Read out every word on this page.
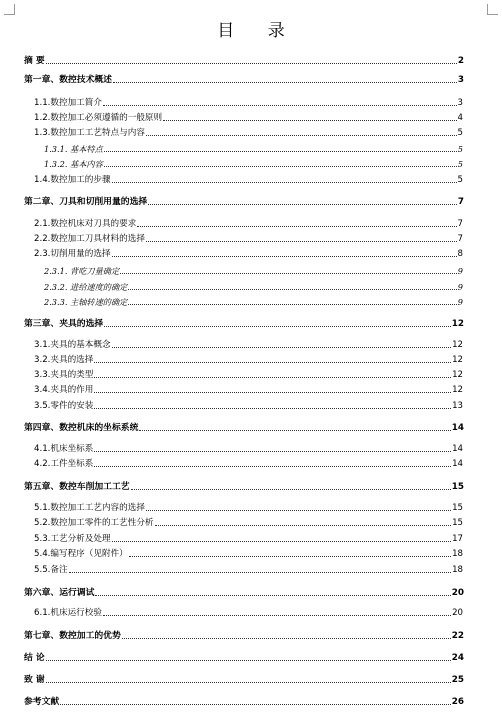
目 录
摘 要	2
第一章、数控技术概述	3
1.1.数控加工简介	3
1.2.数控加工必须遵循的一般原则	4
1.3.数控加工工艺特点与内容	5
1.3.1. 基本特点	5
1.3.2. 基本内容	5
1.4.数控加工的步骤	5
第二章、刀具和切削用量的选择	7
2.1.数控机床对刀具的要求	7
2.2.数控加工刀具材料的选择	7
2.3.切削用量的选择	8
2.3.1. 背吃刀量确定	9
2.3.2. 进给速度的确定	9
2.3.3. 主轴转速的确定	9
第三章、夹具的选择	12
3.1.夹具的基本概念	12
3.2.夹具的选择	12
3.3.夹具的类型	12
3.4.夹具的作用	12
3.5.零件的安装	13
第四章、数控机床的坐标系统	14
4.1.机床坐标系	14
4.2.工件坐标系	14
第五章、数控车削加工工艺	15
5.1.数控加工工艺内容的选择	15
5.2.数控加工零件的工艺性分析	15
5.3.工艺分析及处理	17
5.4.编写程序（见附件）	18
5.5.备注	18
第六章、运行调试	20
6.1.机床运行校验	20
第七章、数控加工的优势	22
结 论	24
致 谢	25
参考文献	26
